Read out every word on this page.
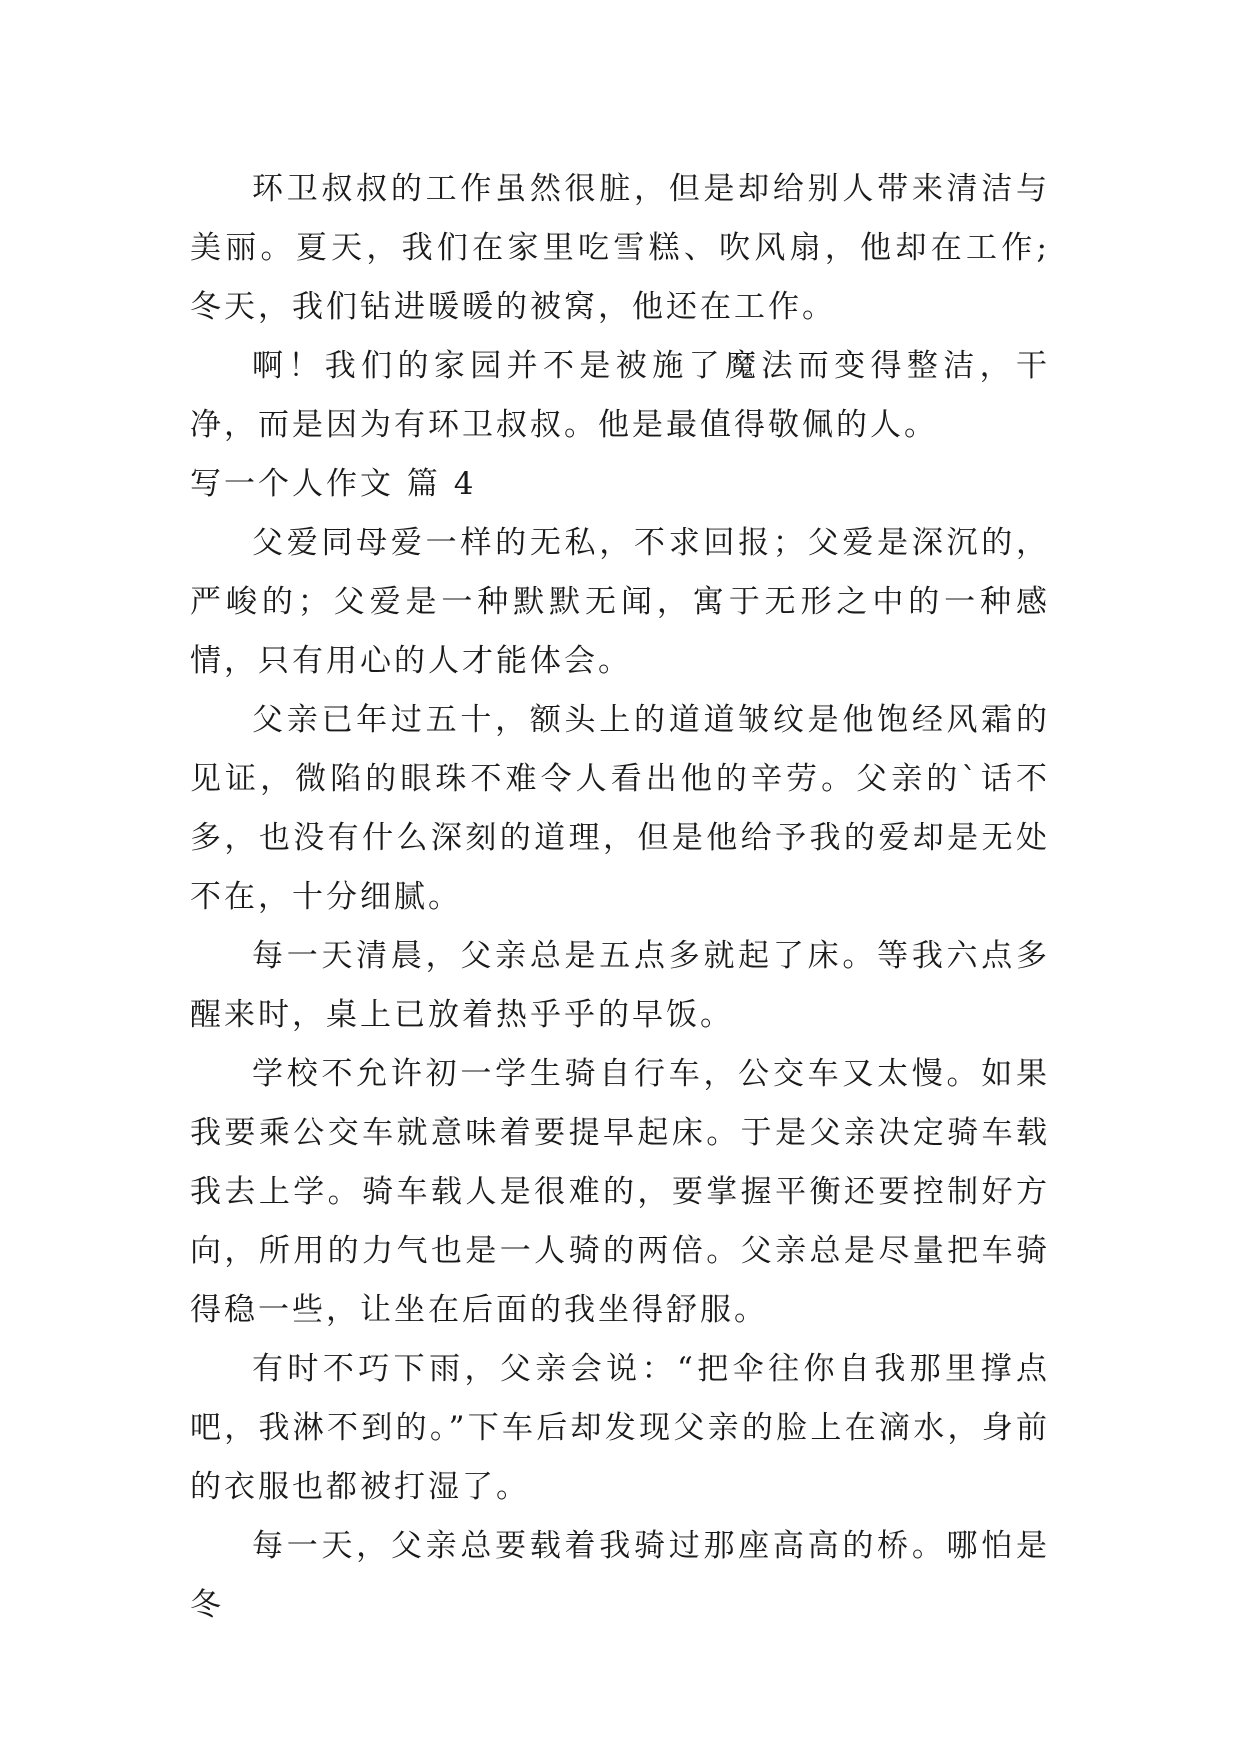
环卫叔叔的工作虽然很脏，但是却给别人带来清洁与美丽。夏天，我们在家里吃雪糕、吹风扇，他却在工作;冬天，我们钻进暖暖的被窝，他还在工作。

啊！我们的家园并不是被施了魔法而变得整洁，干净，而是因为有环卫叔叔。他是最值得敬佩的人。

写一个人作文 篇 4

父爱同母爱一样的无私，不求回报；父爱是深沉的，严峻的；父爱是一种默默无闻，寓于无形之中的一种感情，只有用心的人才能体会。

父亲已年过五十，额头上的道道皱纹是他饱经风霜的见证，微陷的眼珠不难令人看出他的辛劳。父亲的`话不多，也没有什么深刻的道理，但是他给予我的爱却是无处不在，十分细腻。

每一天清晨，父亲总是五点多就起了床。等我六点多醒来时，桌上已放着热乎乎的早饭。

学校不允许初一学生骑自行车，公交车又太慢。如果我要乘公交车就意味着要提早起床。于是父亲决定骑车载我去上学。骑车载人是很难的，要掌握平衡还要控制好方向，所用的力气也是一人骑的两倍。父亲总是尽量把车骑得稳一些，让坐在后面的我坐得舒服。

有时不巧下雨，父亲会说：“把伞往你自我那里撑点吧，我淋不到的。”下车后却发现父亲的脸上在滴水，身前的衣服也都被打湿了。

每一天，父亲总要载着我骑过那座高高的桥。哪怕是冬
